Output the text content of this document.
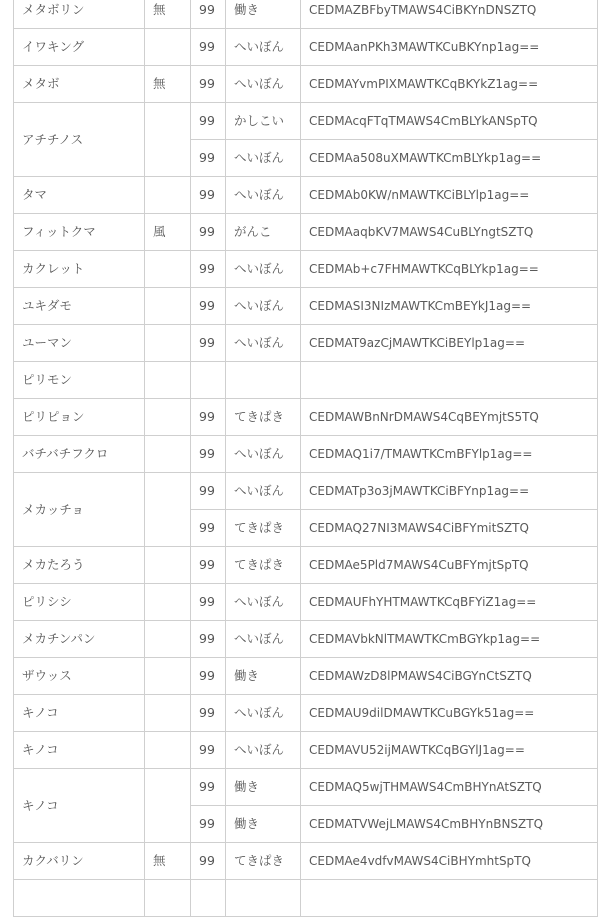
メタボリン	無	99	働き	CEDMAZBFbyTMAWS4CiBKYnDNSZTQ
イワキング		99	へいぼん	CEDMAanPKh3MAWTKCuBKYnp1ag==
メタボ	無	99	へいぼん	CEDMAYvmPIXMAWTKCqBKYkZ1ag==
アチチノス		99	かしこい	CEDMAcqFTqTMAWS4CmBLYkANSpTQ
		99	へいぼん	CEDMAa508uXMAWTKCmBLYkp1ag==
タマ		99	へいぼん	CEDMAb0KW/nMAWTKCiBLYlp1ag==
フィットクマ	風	99	がんこ	CEDMAaqbKV7MAWS4CuBLYngtSZTQ
カクレット		99	へいぼん	CEDMAb+c7FHMAWTKCqBLYkp1ag==
ユキダモ		99	へいぼん	CEDMASI3NIzMAWTKCmBEYkJ1ag==
ユーマン		99	へいぼん	CEDMAT9azCjMAWTKCiBEYlp1ag==
ピリモン				
ピリピョン		99	てきぱき	CEDMAWBnNrDMAWS4CqBEYmjtS5TQ
バチバチフクロ		99	へいぼん	CEDMAQ1i7/TMAWTKCmBFYlp1ag==
メカッチョ		99	へいぼん	CEDMATp3o3jMAWTKCiBFYnp1ag==
		99	てきぱき	CEDMAQ27NI3MAWS4CiBFYmitSZTQ
メカたろう		99	てきぱき	CEDMAe5Pld7MAWS4CuBFYmjtSpTQ
ピリシシ		99	へいぼん	CEDMAUFhYHTMAWTKCqBFYiZ1ag==
メカチンパン		99	へいぼん	CEDMAVbkNlTMAWTKCmBGYkp1ag==
ザウッス		99	働き	CEDMAWzD8lPMAWS4CiBGYnCtSZTQ
キノコ		99	へいぼん	CEDMAU9dilDMAWTKCuBGYk51ag==
キノコ		99	へいぼん	CEDMAVU52ijMAWTKCqBGYlJ1ag==
キノコ		99	働き	CEDMAQ5wjTHMAWS4CmBHYnAtSZTQ
		99	働き	CEDMATVWejLMAWS4CmBHYnBNSZTQ
カクバリン	無	99	てきぱき	CEDMAe4vdfvMAWS4CiBHYmhtSpTQ
